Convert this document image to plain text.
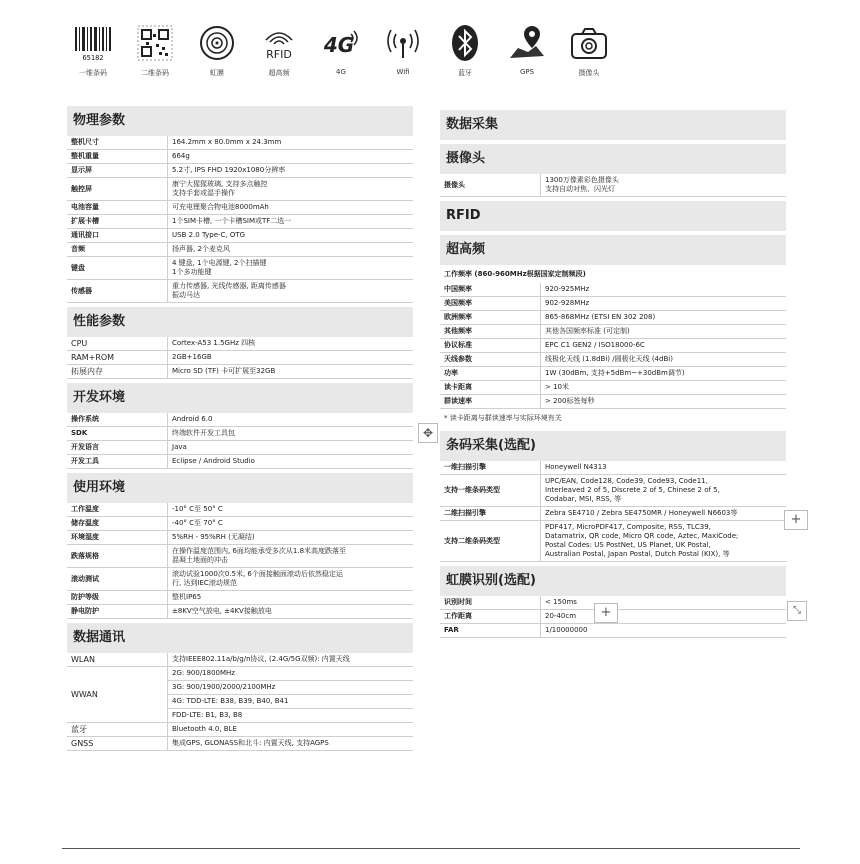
65182
一维条码	二维条码	虹膜
RFID
超高频
4G
4G	Wifi	蓝牙	GPS	摄像头
物理参数
整机尺寸	164.2mm x 80.0mm x 24.3mm
整机重量	664g
显示屏	5.2寸, IPS FHD 1920x1080分辨率
触控屏	康宁大猩猩玻璃, 支持多点触控
支持手套或湿手操作
电池容量	可充电锂聚合物电池8000mAh
扩展卡槽	1个SIM卡槽, 一个卡槽SIM或TF二选一
通讯接口	USB 2.0 Type-C, OTG
音频	扬声器, 2个麦克风
键盘	4 键盘, 1个电源键, 2个扫描键
1个多功能键
传感器	重力传感器, 光线传感器, 距离传感器
振动马达
性能参数
CPU	Cortex-A53 1.5GHz 四核
RAM+ROM	2GB+16GB
拓展内存	Micro SD (TF) 卡可扩展至32GB
开发环境
操作系统	Android 6.0
SDK	终端软件开发工具包
开发语言	Java
开发工具	Eclipse / Android Studio
使用环境
工作温度	-10° C至 50° C
储存温度	-40° C至 70° C
环境湿度	5%RH - 95%RH (无凝结)
跌落规格	在操作温度范围内, 6面均能承受多次从1.8米高度跌落至
混凝土地面的冲击
滚动测试	滚动试验1000次0.5米, 6个面接触面滚动后依然稳定运
行, 达到IEC滚动规范
防护等级	整机IP65
静电防护	±8KV空气放电, ±4KV接触放电
数据通讯
WLAN	支持IEEE802.11a/b/g/n协议, (2.4G/5G双频): 内置天线
WWAN	2G: 900/1800MHz
	3G: 900/1900/2000/2100MHz
	4G: TDD-LTE: B38, B39, B40, B41
	FDD-LTE: B1, B3, B8
蓝牙	Bluetooth 4.0, BLE
GNSS	集成GPS, GLONASS和北斗: 内置天线, 支持AGPS
数据采集
摄像头
摄像头	1300万像素彩色摄像头
支持自动对焦、闪光灯
RFID
超高频
工作频率 (860-960MHz根据国家定制频段)
中国频率	920-925MHz
美国频率	902-928MHz
欧洲频率	865-868MHz (ETSI EN 302 208)
其他频率	其他各国频率标准 (可定制)
协议标准	EPC C1 GEN2 / ISO18000-6C
天线参数	线极化天线 (1.8dBi) /圆极化天线 (4dBi)
功率	1W (30dBm, 支持+5dBm~+30dBm调节)
读卡距离	> 10米
群读速率	> 200标签每秒
* 读卡距离与群读速率与实际环境有关
条码采集(选配)
一维扫描引擎	Honeywell N4313
支持一维条码类型	UPC/EAN, Code128, Code39, Code93, Code11,
Interleaved 2 of 5, Discrete 2 of 5, Chinese 2 of 5,
Codabar, MSI, RSS, 等
二维扫描引擎	Zebra SE4710 / Zebra SE4750MR / Honeywell N6603等
支持二维条码类型	PDF417, MicroPDF417, Composite, RSS, TLC39,
Datamatrix, QR code, Micro QR code, Aztec, MaxiCode;
Postal Codes: US PostNet, US Planet, UK Postal,
Australian Postal, Japan Postal, Dutch Postal (KIX), 等
虹膜识别(选配)
识别时间	< 150ms
工作距离	20-40cm
FAR	1/10000000
✥
+
+	⤡
